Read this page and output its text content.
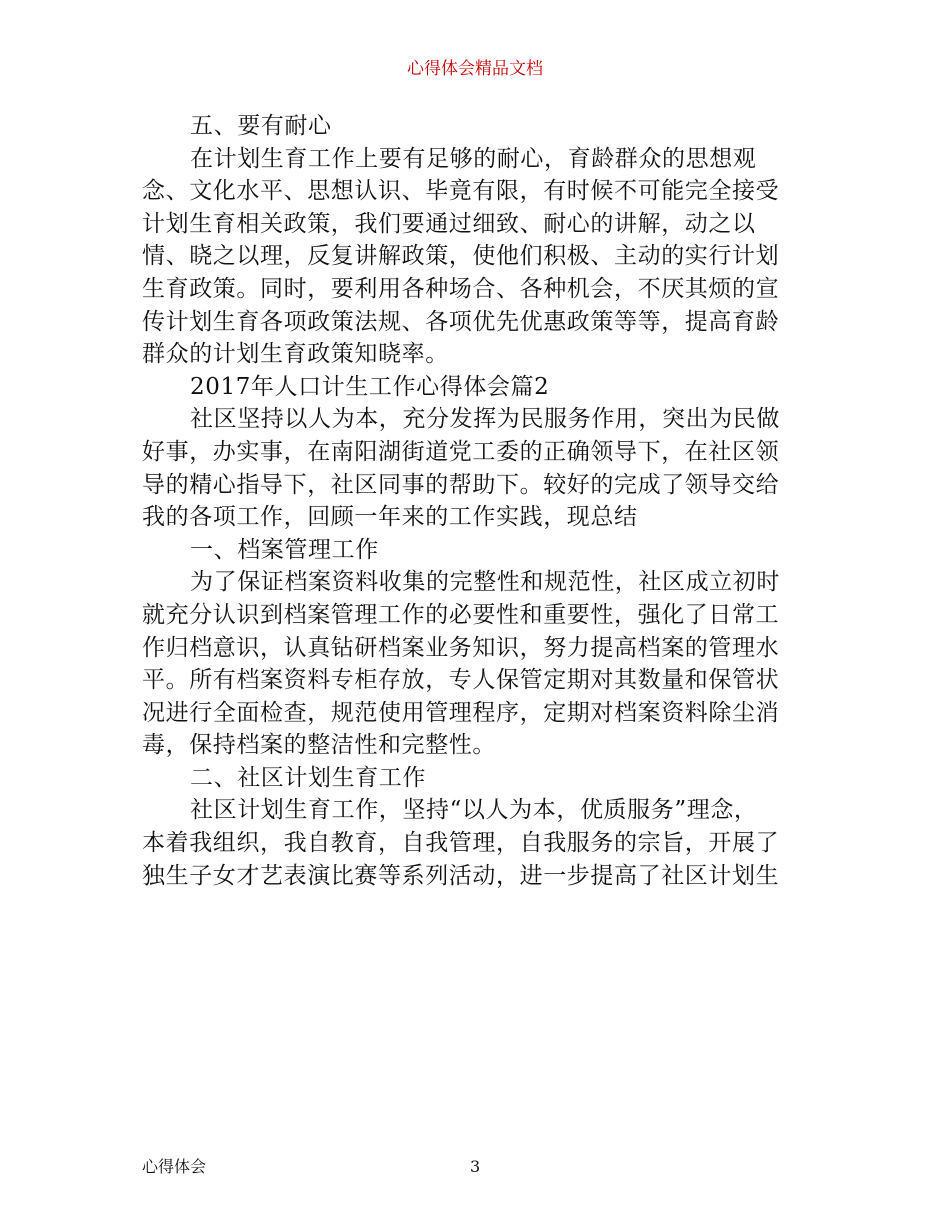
心得体会精品文档
五、要有耐心
在计划生育工作上要有足够的耐心，育龄群众的思想观
念、文化水平、思想认识、毕竟有限，有时候不可能完全接受
计划生育相关政策，我们要通过细致、耐心的讲解，动之以
情、晓之以理，反复讲解政策，使他们积极、主动的实行计划
生育政策。同时，要利用各种场合、各种机会，不厌其烦的宣
传计划生育各项政策法规、各项优先优惠政策等等，提高育龄
群众的计划生育政策知晓率。
2017年人口计生工作心得体会篇2
社区坚持以人为本，充分发挥为民服务作用，突出为民做
好事，办实事，在南阳湖街道党工委的正确领导下，在社区领
导的精心指导下，社区同事的帮助下。较好的完成了领导交给
我的各项工作，回顾一年来的工作实践，现总结
一、档案管理工作
为了保证档案资料收集的完整性和规范性，社区成立初时
就充分认识到档案管理工作的必要性和重要性，强化了日常工
作归档意识，认真钻研档案业务知识，努力提高档案的管理水
平。所有档案资料专柜存放，专人保管定期对其数量和保管状
况进行全面检查，规范使用管理程序，定期对档案资料除尘消
毒，保持档案的整洁性和完整性。
二、社区计划生育工作
社区计划生育工作，坚持“以人为本，优质服务”理念，
本着我组织，我自教育，自我管理，自我服务的宗旨，开展了
独生子女才艺表演比赛等系列活动，进一步提高了社区计划生
心得体会	3
